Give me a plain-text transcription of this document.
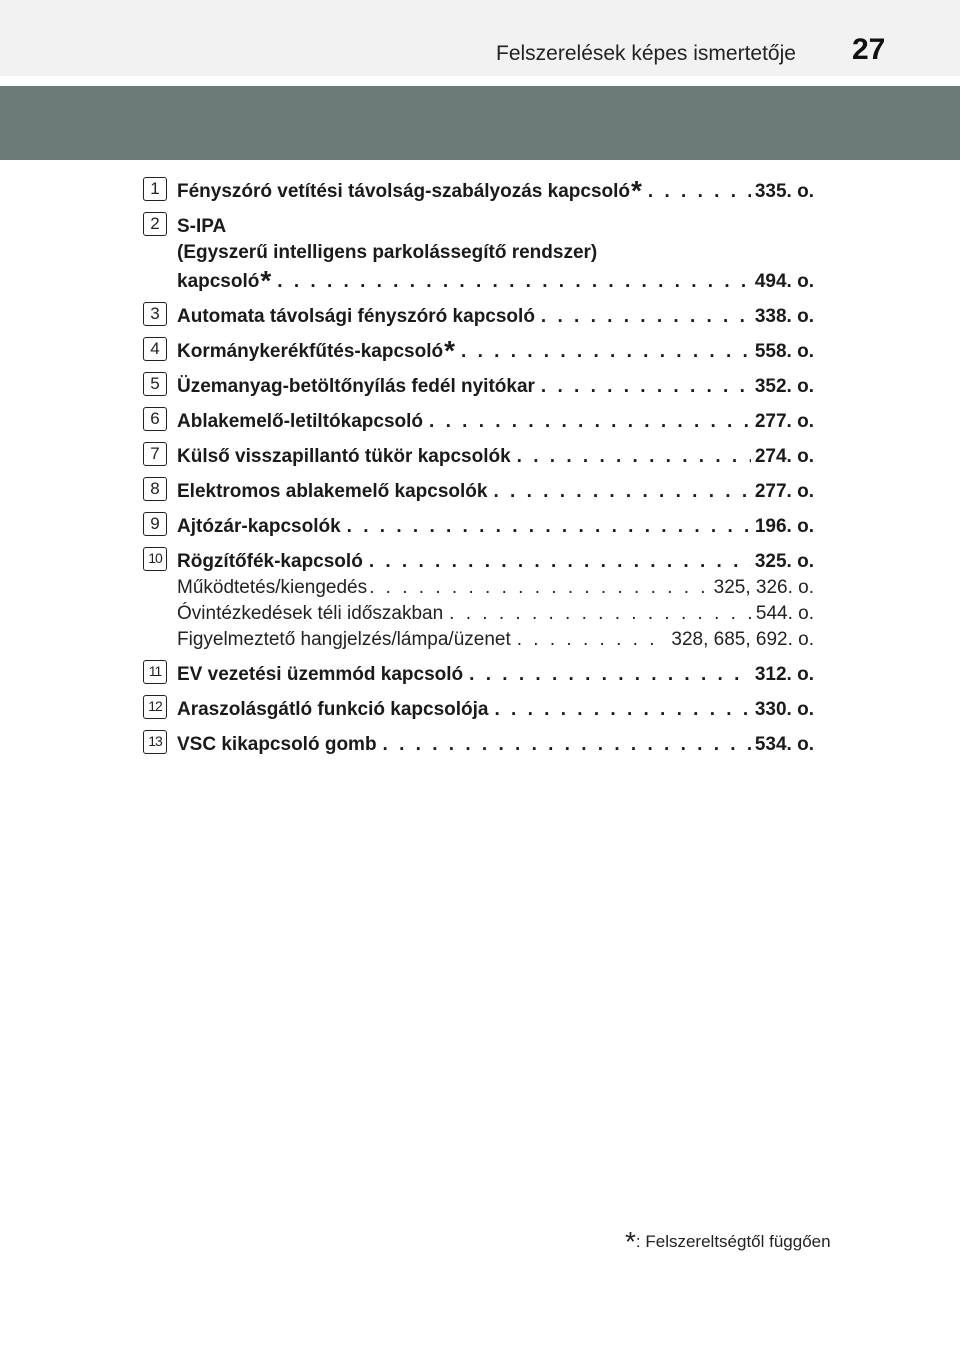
Felszerelések képes ismertetője 27
1 Fényszóró vetítési távolság-szabályozás kapcsoló * . . .	335. o.
2 S-IPA
(Egyszerű intelligens parkolássegítő rendszer)
kapcsoló * . . .	494. o.
3 Automata távolsági fényszóró kapcsoló . . .	338. o.
4 Kormánykerékfűtés-kapcsoló * . . .	558. o.
5 Üzemanyag-betöltőnyílás fedél nyitókar . . .	352. o.
6 Ablakemelő-letiltókapcsoló . . .	277. o.
7 Külső visszapillantó tükör kapcsolók . . .	274. o.
8 Elektromos ablakemelő kapcsolók . . .	277. o.
9 Ajtózár-kapcsolók . . .	196. o.
10 Rögzítőfék-kapcsoló . . .	325. o.
Működtetés/kiengedés . . .	325, 326. o.
Óvintézkedések téli időszakban . . .	544. o.
Figyelmeztető hangjelzés/lámpa/üzenet . . .	328, 685, 692. o.
11 EV vezetési üzemmód kapcsoló . . .	312. o.
12 Araszolásgátló funkció kapcsolója . . .	330. o.
13 VSC kikapcsoló gomb . . .	534. o.
*: Felszereltségtől függően
